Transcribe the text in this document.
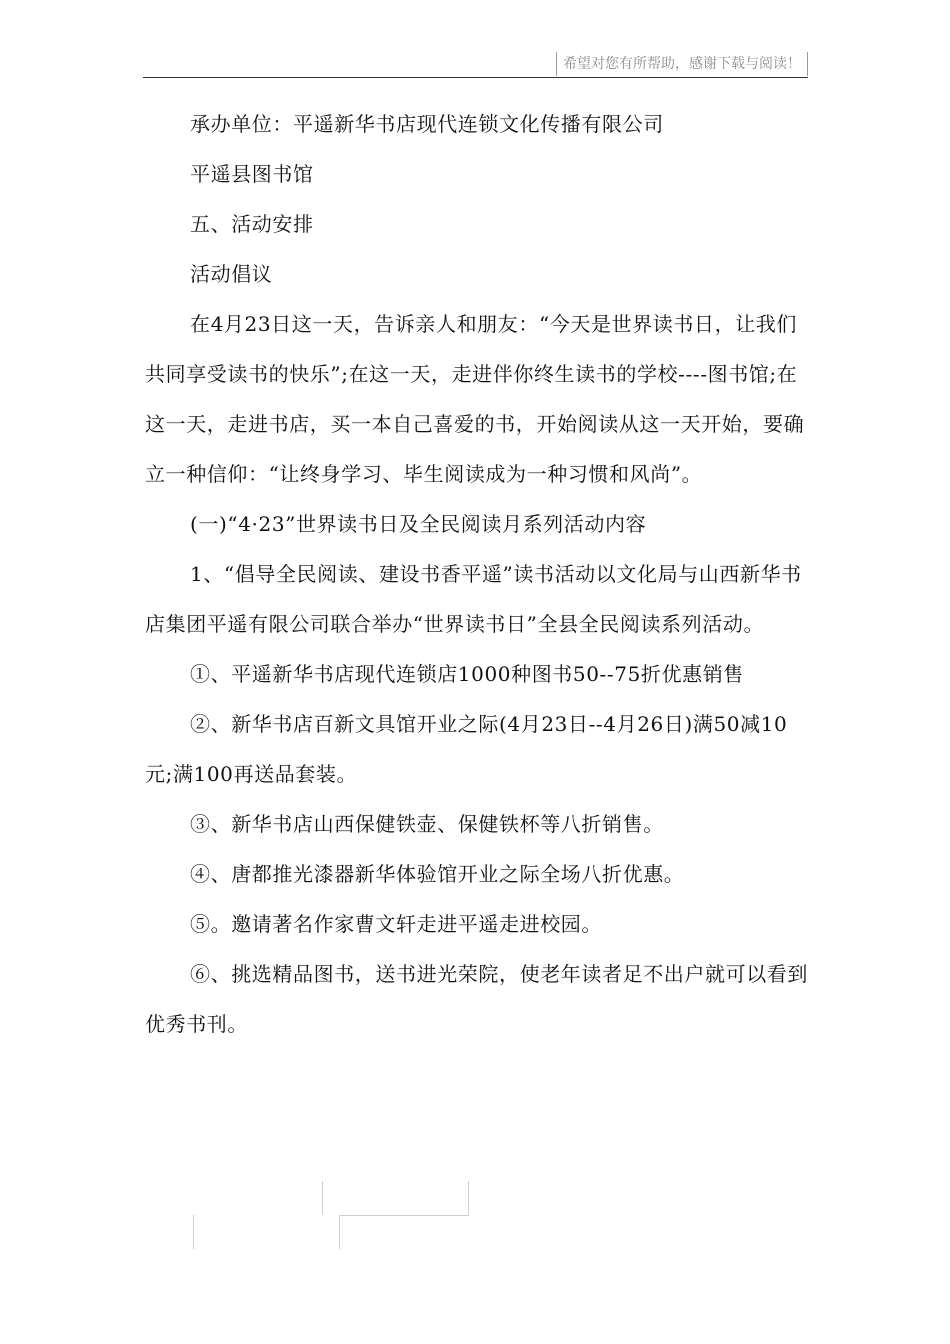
希望对您有所帮助，感谢下载与阅读！

承办单位：平遥新华书店现代连锁文化传播有限公司

平遥县图书馆

五、活动安排

活动倡议

在4月23日这一天，告诉亲人和朋友：“今天是世界读书日，让我们共同享受读书的快乐”;在这一天，走进伴你终生读书的学校----图书馆;在这一天，走进书店，买一本自己喜爱的书，开始阅读从这一天开始，要确立一种信仰：“让终身学习、毕生阅读成为一种习惯和风尚”。

(一)“4·23”世界读书日及全民阅读月系列活动内容

1、“倡导全民阅读、建设书香平遥”读书活动以文化局与山西新华书店集团平遥有限公司联合举办“世界读书日”全县全民阅读系列活动。

①、平遥新华书店现代连锁店1000种图书50--75折优惠销售

②、新华书店百新文具馆开业之际(4月23日--4月26日)满50减10元;满100再送品套装。

③、新华书店山西保健铁壶、保健铁杯等八折销售。

④、唐都推光漆器新华体验馆开业之际全场八折优惠。

⑤。邀请著名作家曹文轩走进平遥走进校园。

⑥、挑选精品图书，送书进光荣院，使老年读者足不出户就可以看到优秀书刊。
